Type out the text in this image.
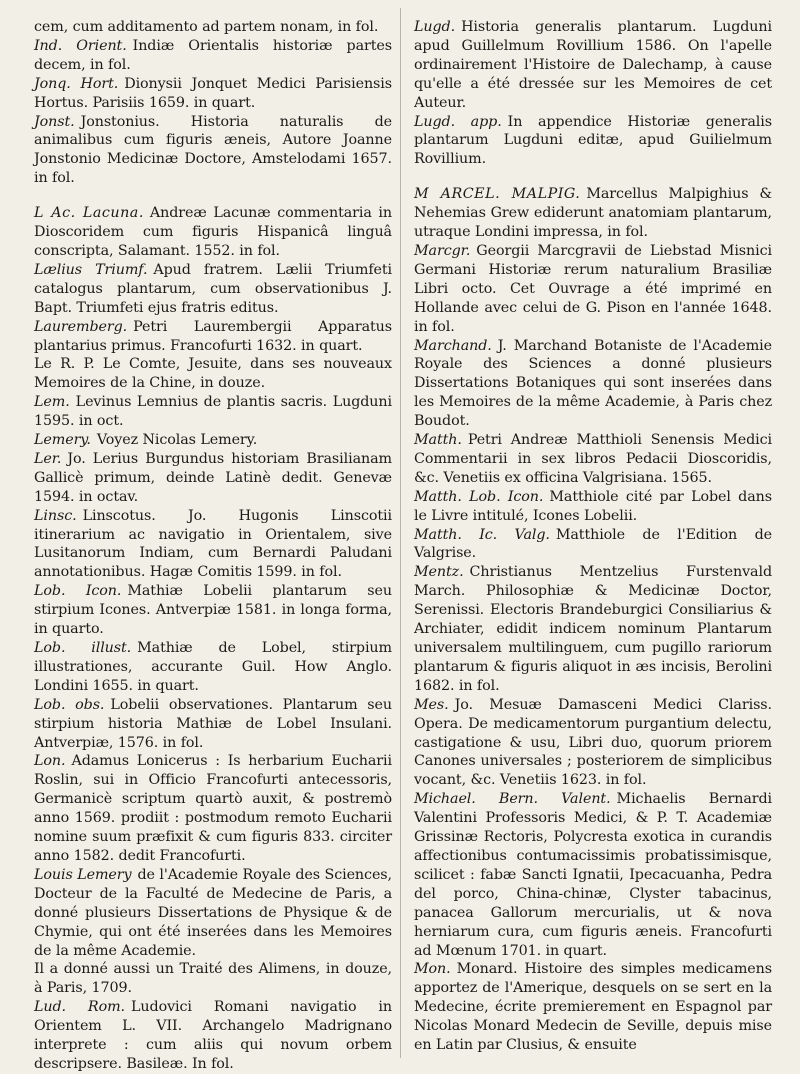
cem, cum additamento ad partem nonam, in fol.

Ind. Orient. Indiæ Orientalis historiæ partes decem, in fol.

Jonq. Hort. Dionysii Jonquet Medici Parisiensis Hortus. Parisiis 1659. in quart.

Jonst. Jonstonius. Historia naturalis de animalibus cum figuris æneis, Autore Joanne Jonstonio Medicinæ Doctore, Amstelodami 1657. in fol.

L Ac. Lacuna. Andreæ Lacunæ commentaria in Dioscoridem cum figuris Hispanicâ linguâ conscripta, Salamant. 1552. in fol.

Lælius Triumf. Apud fratrem. Lælii Triumfeti catalogus plantarum, cum observationibus J. Bapt. Triumfeti ejus fratris editus.

Lauremberg. Petri Laurembergii Apparatus plantarius primus. Francofurti 1632. in quart.

Le R. P. Le Comte, Jesuite, dans ses nouveaux Memoires de la Chine, in douze.

Lem. Levinus Lemnius de plantis sacris. Lugduni 1595. in oct.

Lemery. Voyez Nicolas Lemery.

Ler. Jo. Lerius Burgundus historiam Brasilianam Gallicè primum, deinde Latinè dedit. Genevæ 1594. in octav.

Linsc. Linscotus. Jo. Hugonis Linscotii itinerarium ac navigatio in Orientalem, sive Lusitanorum Indiam, cum Bernardi Paludani annotationibus. Hagæ Comitis 1599. in fol.

Lob. Icon. Mathiæ Lobelii plantarum seu stirpium Icones. Antverpiæ 1581. in longa forma, in quarto.

Lob. illust. Mathiæ de Lobel, stirpium illustrationes, accurante Guil. How Anglo. Londini 1655. in quart.

Lob. obs. Lobelii observationes. Plantarum seu stirpium historia Mathiæ de Lobel Insulani. Antverpiæ, 1576. in fol.

Lon. Adamus Lonicerus : Is herbarium Eucharii Roslin, sui in Officio Francofurti antecessoris, Germanicè scriptum quartò auxit, & postremò anno 1569. prodiit : postmodum remoto Eucharii nomine suum præfixit & cum figuris 833. circiter anno 1582. dedit Francofurti.

Louis Lemery de l'Academie Royale des Sciences, Docteur de la Faculté de Medecine de Paris, a donné plusieurs Dissertations de Physique & de Chymie, qui ont été inserées dans les Memoires de la même Academie.

Il a donné aussi un Traité des Alimens, in douze, à Paris, 1709.

Lud. Rom. Ludovici Romani navigatio in Orientem L. VII. Archangelo Madrignano interprete : cum aliis qui novum orbem descripsere. Basileæ. In fol.

Lugd. Historia generalis plantarum. Lugduni apud Guillelmum Rovillium 1586. On l'apelle ordinairement l'Histoire de Dalechamp, à cause qu'elle a été dressée sur les Memoires de cet Auteur.

Lugd. app. In appendice Historiæ generalis plantarum Lugduni editæ, apud Guilielmum Rovillium.

M ARCEL. MALPIG. Marcellus Malpighius & Nehemias Grew ediderunt anatomiam plantarum, utraque Londini impressa, in fol.

Marcgr. Georgii Marcgravii de Liebstad Misnici Germani Historiæ rerum naturalium Brasiliæ Libri octo. Cet Ouvrage a été imprimé en Hollande avec celui de G. Pison en l'année 1648. in fol.

Marchand. J. Marchand Botaniste de l'Academie Royale des Sciences a donné plusieurs Dissertations Botaniques qui sont inserées dans les Memoires de la même Academie, à Paris chez Boudot.

Matth. Petri Andreæ Matthioli Senensis Medici Commentarii in sex libros Pedacii Dioscoridis, &c. Venetiis ex officina Valgrisiana. 1565.

Matth. Lob. Icon. Matthiole cité par Lobel dans le Livre intitulé, Icones Lobelii.

Matth. Ic. Valg. Matthiole de l'Edition de Valgrise.

Mentz. Christianus Mentzelius Furstenvald March. Philosophiæ & Medicinæ Doctor, Serenissi. Electoris Brandeburgici Consiliarius & Archiater, edidit indicem nominum Plantarum universalem multilinguem, cum pugillo rariorum plantarum & figuris aliquot in æs incisis, Berolini 1682. in fol.

Mes. Jo. Mesuæ Damasceni Medici Clariss. Opera. De medicamentorum purgantium delectu, castigatione & usu, Libri duo, quorum priorem Canones universales ; posteriorem de simplicibus vocant, &c. Venetiis 1623. in fol.

Michael. Bern. Valent. Michaelis Bernardi Valentini Professoris Medici, & P. T. Academiæ Grissinæ Rectoris, Polycresta exotica in curandis affectionibus contumacissimis probatissimisque, scilicet : fabæ Sancti Ignatii, Ipecacuanha, Pedra del porco, China-chinæ, Clyster tabacinus, panacea Gallorum mercurialis, ut & nova herniarum cura, cum figuris æneis. Francofurti ad Mœnum 1701. in quart.

Mon. Monard. Histoire des simples medicamens apportez de l'Amerique, desquels on se sert en la Medecine, écrite premierement en Espagnol par Nicolas Monard Medecin de Seville, depuis mise en Latin par Clusius, & ensuite
